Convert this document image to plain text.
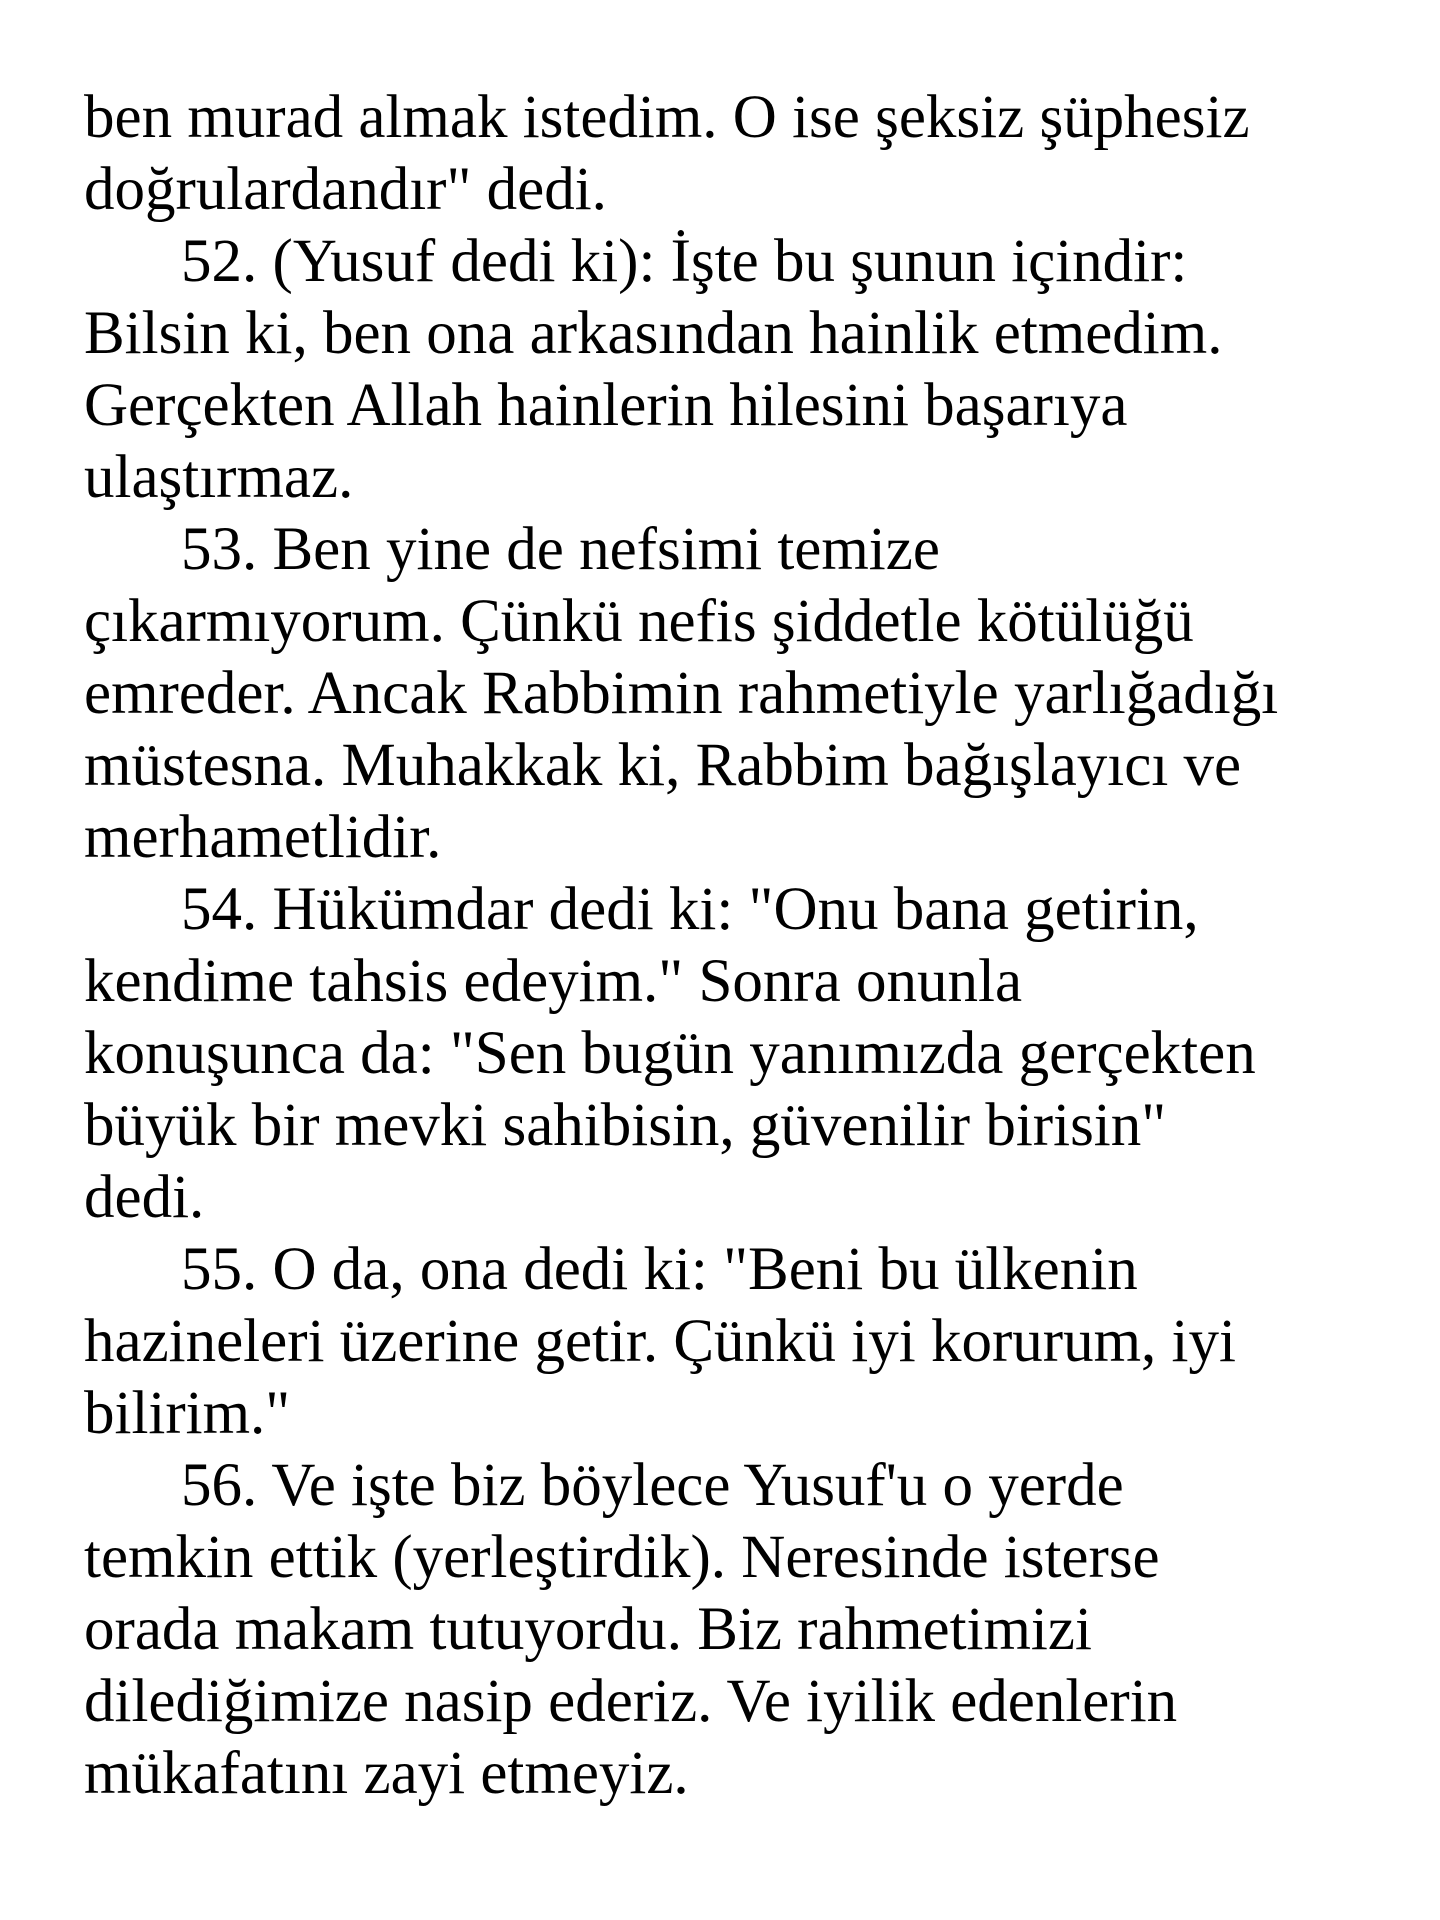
ben murad almak istedim. O ise şeksiz şüphesiz
doğrulardandır" dedi.

52. (Yusuf dedi ki): İşte bu şunun içindir:
Bilsin ki, ben ona arkasından hainlik etmedim.
Gerçekten Allah hainlerin hilesini başarıya
ulaştırmaz.

53. Ben yine de nefsimi temize
çıkarmıyorum. Çünkü nefis şiddetle kötülüğü
emreder. Ancak Rabbimin rahmetiyle yarlığadığı
müstesna. Muhakkak ki, Rabbim bağışlayıcı ve
merhametlidir.

54. Hükümdar dedi ki: "Onu bana getirin,
kendime tahsis edeyim." Sonra onunla
konuşunca da: "Sen bugün yanımızda gerçekten
büyük bir mevki sahibisin, güvenilir birisin"
dedi.

55. O da, ona dedi ki: "Beni bu ülkenin
hazineleri üzerine getir. Çünkü iyi korurum, iyi
bilirim."

56. Ve işte biz böylece Yusuf'u o yerde
temkin ettik (yerleştirdik). Neresinde isterse
orada makam tutuyordu. Biz rahmetimizi
dilediğimize nasip ederiz. Ve iyilik edenlerin
mükafatını zayi etmeyiz.
